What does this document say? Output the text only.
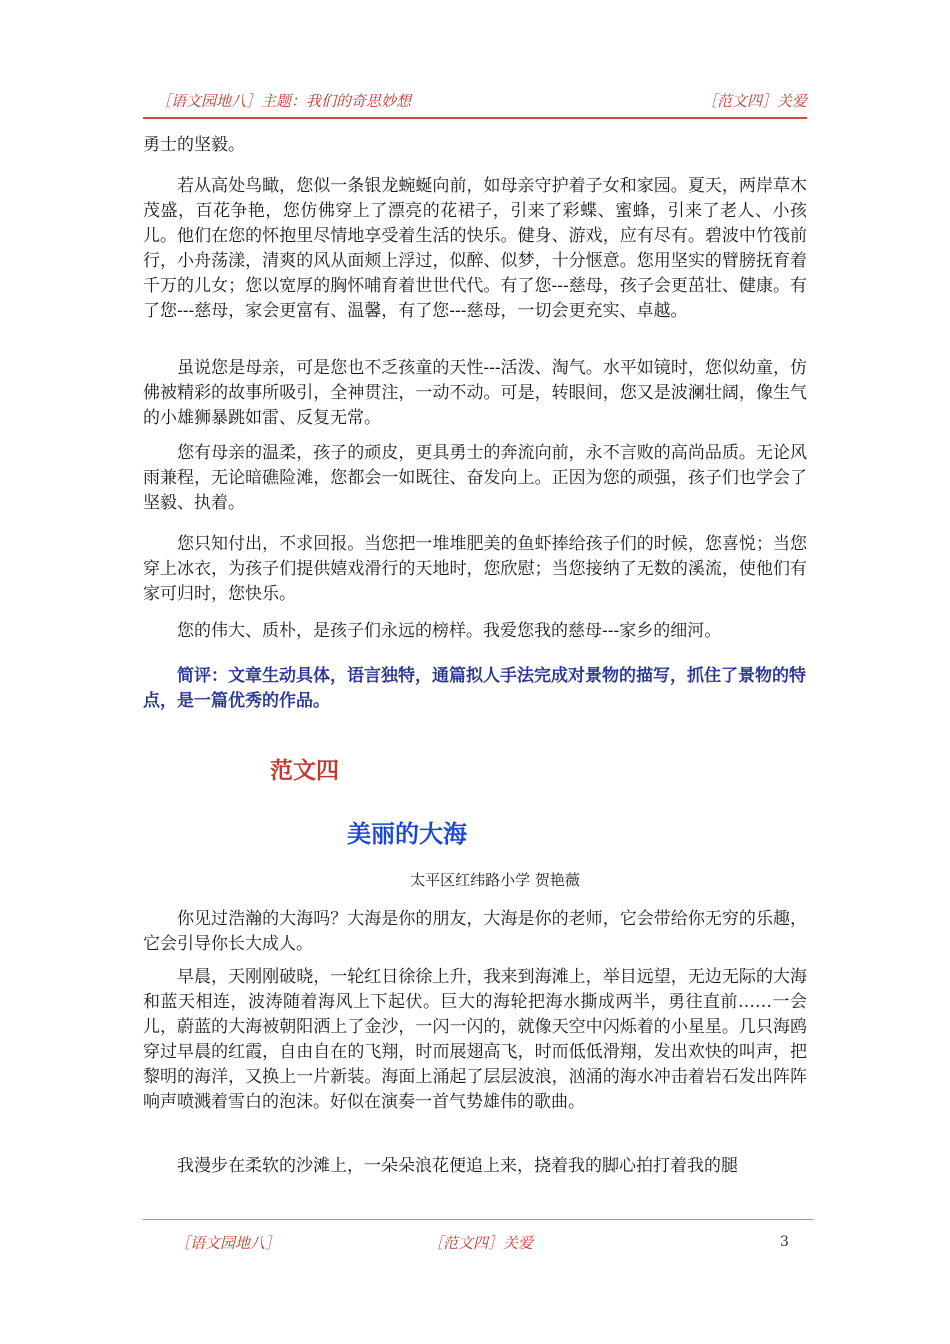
［语文园地八］主题：我们的奇思妙想	［范文四］关爱

勇士的坚毅。

若从高处鸟瞰，您似一条银龙蜿蜒向前，如母亲守护着子女和家园。夏天，两岸草木茂盛，百花争艳，您仿佛穿上了漂亮的花裙子，引来了彩蝶、蜜蜂，引来了老人、小孩儿。他们在您的怀抱里尽情地享受着生活的快乐。健身、游戏，应有尽有。碧波中竹筏前行，小舟荡漾，清爽的风从面颊上浮过，似醉、似梦，十分惬意。您用坚实的臂膀抚育着千万的儿女；您以宽厚的胸怀哺育着世世代代。有了您---慈母，孩子会更茁壮、健康。有了您---慈母，家会更富有、温馨，有了您---慈母，一切会更充实、卓越。

虽说您是母亲，可是您也不乏孩童的天性---活泼、淘气。水平如镜时，您似幼童，仿佛被精彩的故事所吸引，全神贯注，一动不动。可是，转眼间，您又是波澜壮阔，像生气的小雄狮暴跳如雷、反复无常。

您有母亲的温柔，孩子的顽皮，更具勇士的奔流向前，永不言败的高尚品质。无论风雨兼程，无论暗礁险滩，您都会一如既往、奋发向上。正因为您的顽强，孩子们也学会了坚毅、执着。

您只知付出，不求回报。当您把一堆堆肥美的鱼虾捧给孩子们的时候，您喜悦；当您穿上冰衣，为孩子们提供嬉戏滑行的天地时，您欣慰；当您接纳了无数的溪流，使他们有家可归时，您快乐。

您的伟大、质朴，是孩子们永远的榜样。我爱您我的慈母---家乡的细河。

简评：文章生动具体，语言独特，通篇拟人手法完成对景物的描写，抓住了景物的特点，是一篇优秀的作品。

范文四
美丽的大海
太平区红纬路小学 贺艳薇

你见过浩瀚的大海吗？大海是你的朋友，大海是你的老师，它会带给你无穷的乐趣，它会引导你长大成人。

早晨，天刚刚破晓，一轮红日徐徐上升，我来到海滩上，举目远望，无边无际的大海和蓝天相连，波涛随着海风上下起伏。巨大的海轮把海水撕成两半，勇往直前……一会儿，蔚蓝的大海被朝阳洒上了金沙，一闪一闪的，就像天空中闪烁着的小星星。几只海鸥穿过早晨的红霞，自由自在的飞翔，时而展翅高飞，时而低低滑翔，发出欢快的叫声，把黎明的海洋，又换上一片新装。海面上涌起了层层波浪，汹涌的海水冲击着岩石发出阵阵响声喷溅着雪白的泡沫。好似在演奏一首气势雄伟的歌曲。

我漫步在柔软的沙滩上，一朵朵浪花便追上来，挠着我的脚心拍打着我的腿

［语文园地八］	［范文四］关爱	3
